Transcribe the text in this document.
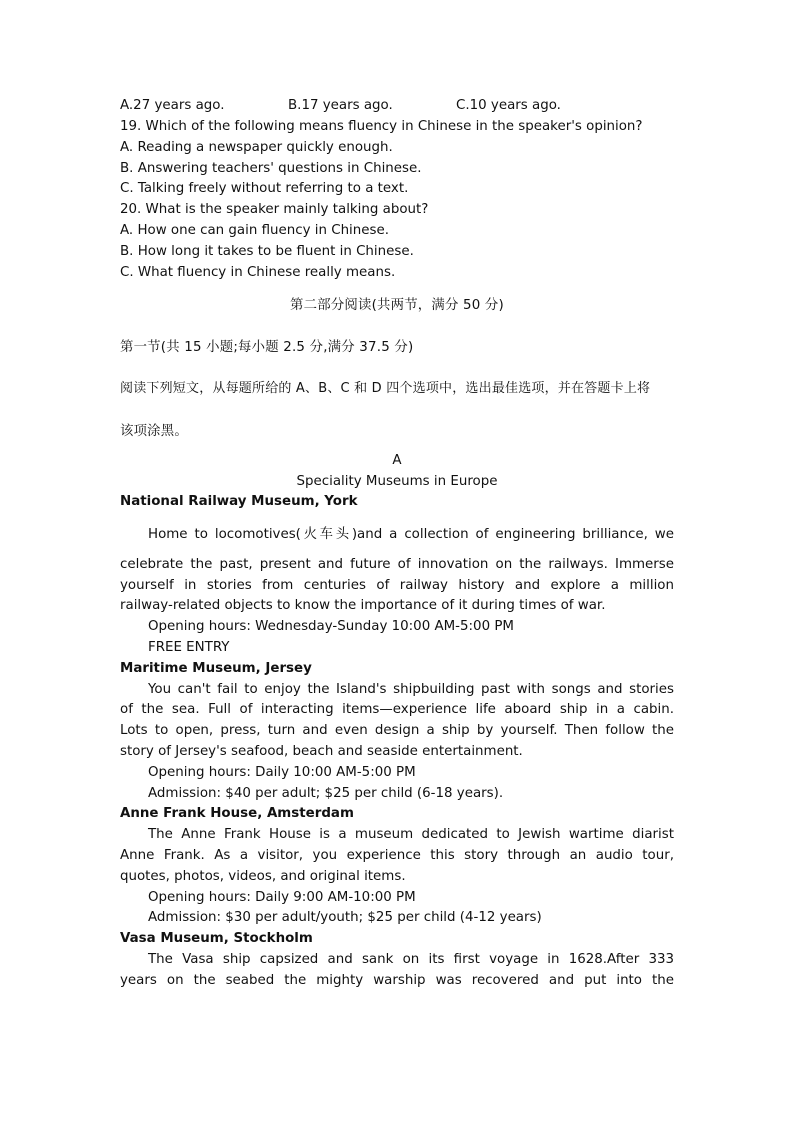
A.27 years ago.	B.17 years ago.	C.10 years ago.
19. Which of the following means fluency in Chinese in the speaker's opinion?
A. Reading a newspaper quickly enough.
B. Answering teachers' questions in Chinese.
C. Talking freely without referring to a text.
20. What is the speaker mainly talking about?
A. How one can gain fluency in Chinese.
B. How long it takes to be fluent in Chinese.
C. What fluency in Chinese really means.
第二部分阅读(共两节，满分 50 分)
第一节(共 15 小题;每小题 2.5 分,满分 37.5 分)
阅读下列短文，从每题所给的 A、B、C 和 D 四个选项中，选出最佳选项，并在答题卡上将
该项涂黑。
A
Speciality Museums in Europe
National Railway Museum, York
Home to locomotives(火车头)and a collection of engineering brilliance, we
celebrate the past, present and future of innovation on the railways. Immerse
yourself in stories from centuries of railway history and explore a million
railway-related objects to know the importance of it during times of war.
Opening hours: Wednesday-Sunday 10:00 AM-5:00 PM
FREE ENTRY
Maritime Museum, Jersey
You can't fail to enjoy the Island's shipbuilding past with songs and stories
of the sea. Full of interacting items—experience life aboard ship in a cabin.
Lots to open, press, turn and even design a ship by yourself. Then follow the
story of Jersey's seafood, beach and seaside entertainment.
Opening hours: Daily 10:00 AM-5:00 PM
Admission: $40 per adult; $25 per child (6-18 years).
Anne Frank House, Amsterdam
The Anne Frank House is a museum dedicated to Jewish wartime diarist
Anne Frank. As a visitor, you experience this story through an audio tour,
quotes, photos, videos, and original items.
Opening hours: Daily 9:00 AM-10:00 PM
Admission: $30 per adult/youth; $25 per child (4-12 years)
Vasa Museum, Stockholm
The Vasa ship capsized and sank on its first voyage in 1628.After 333
years on the seabed the mighty warship was recovered and put into the
